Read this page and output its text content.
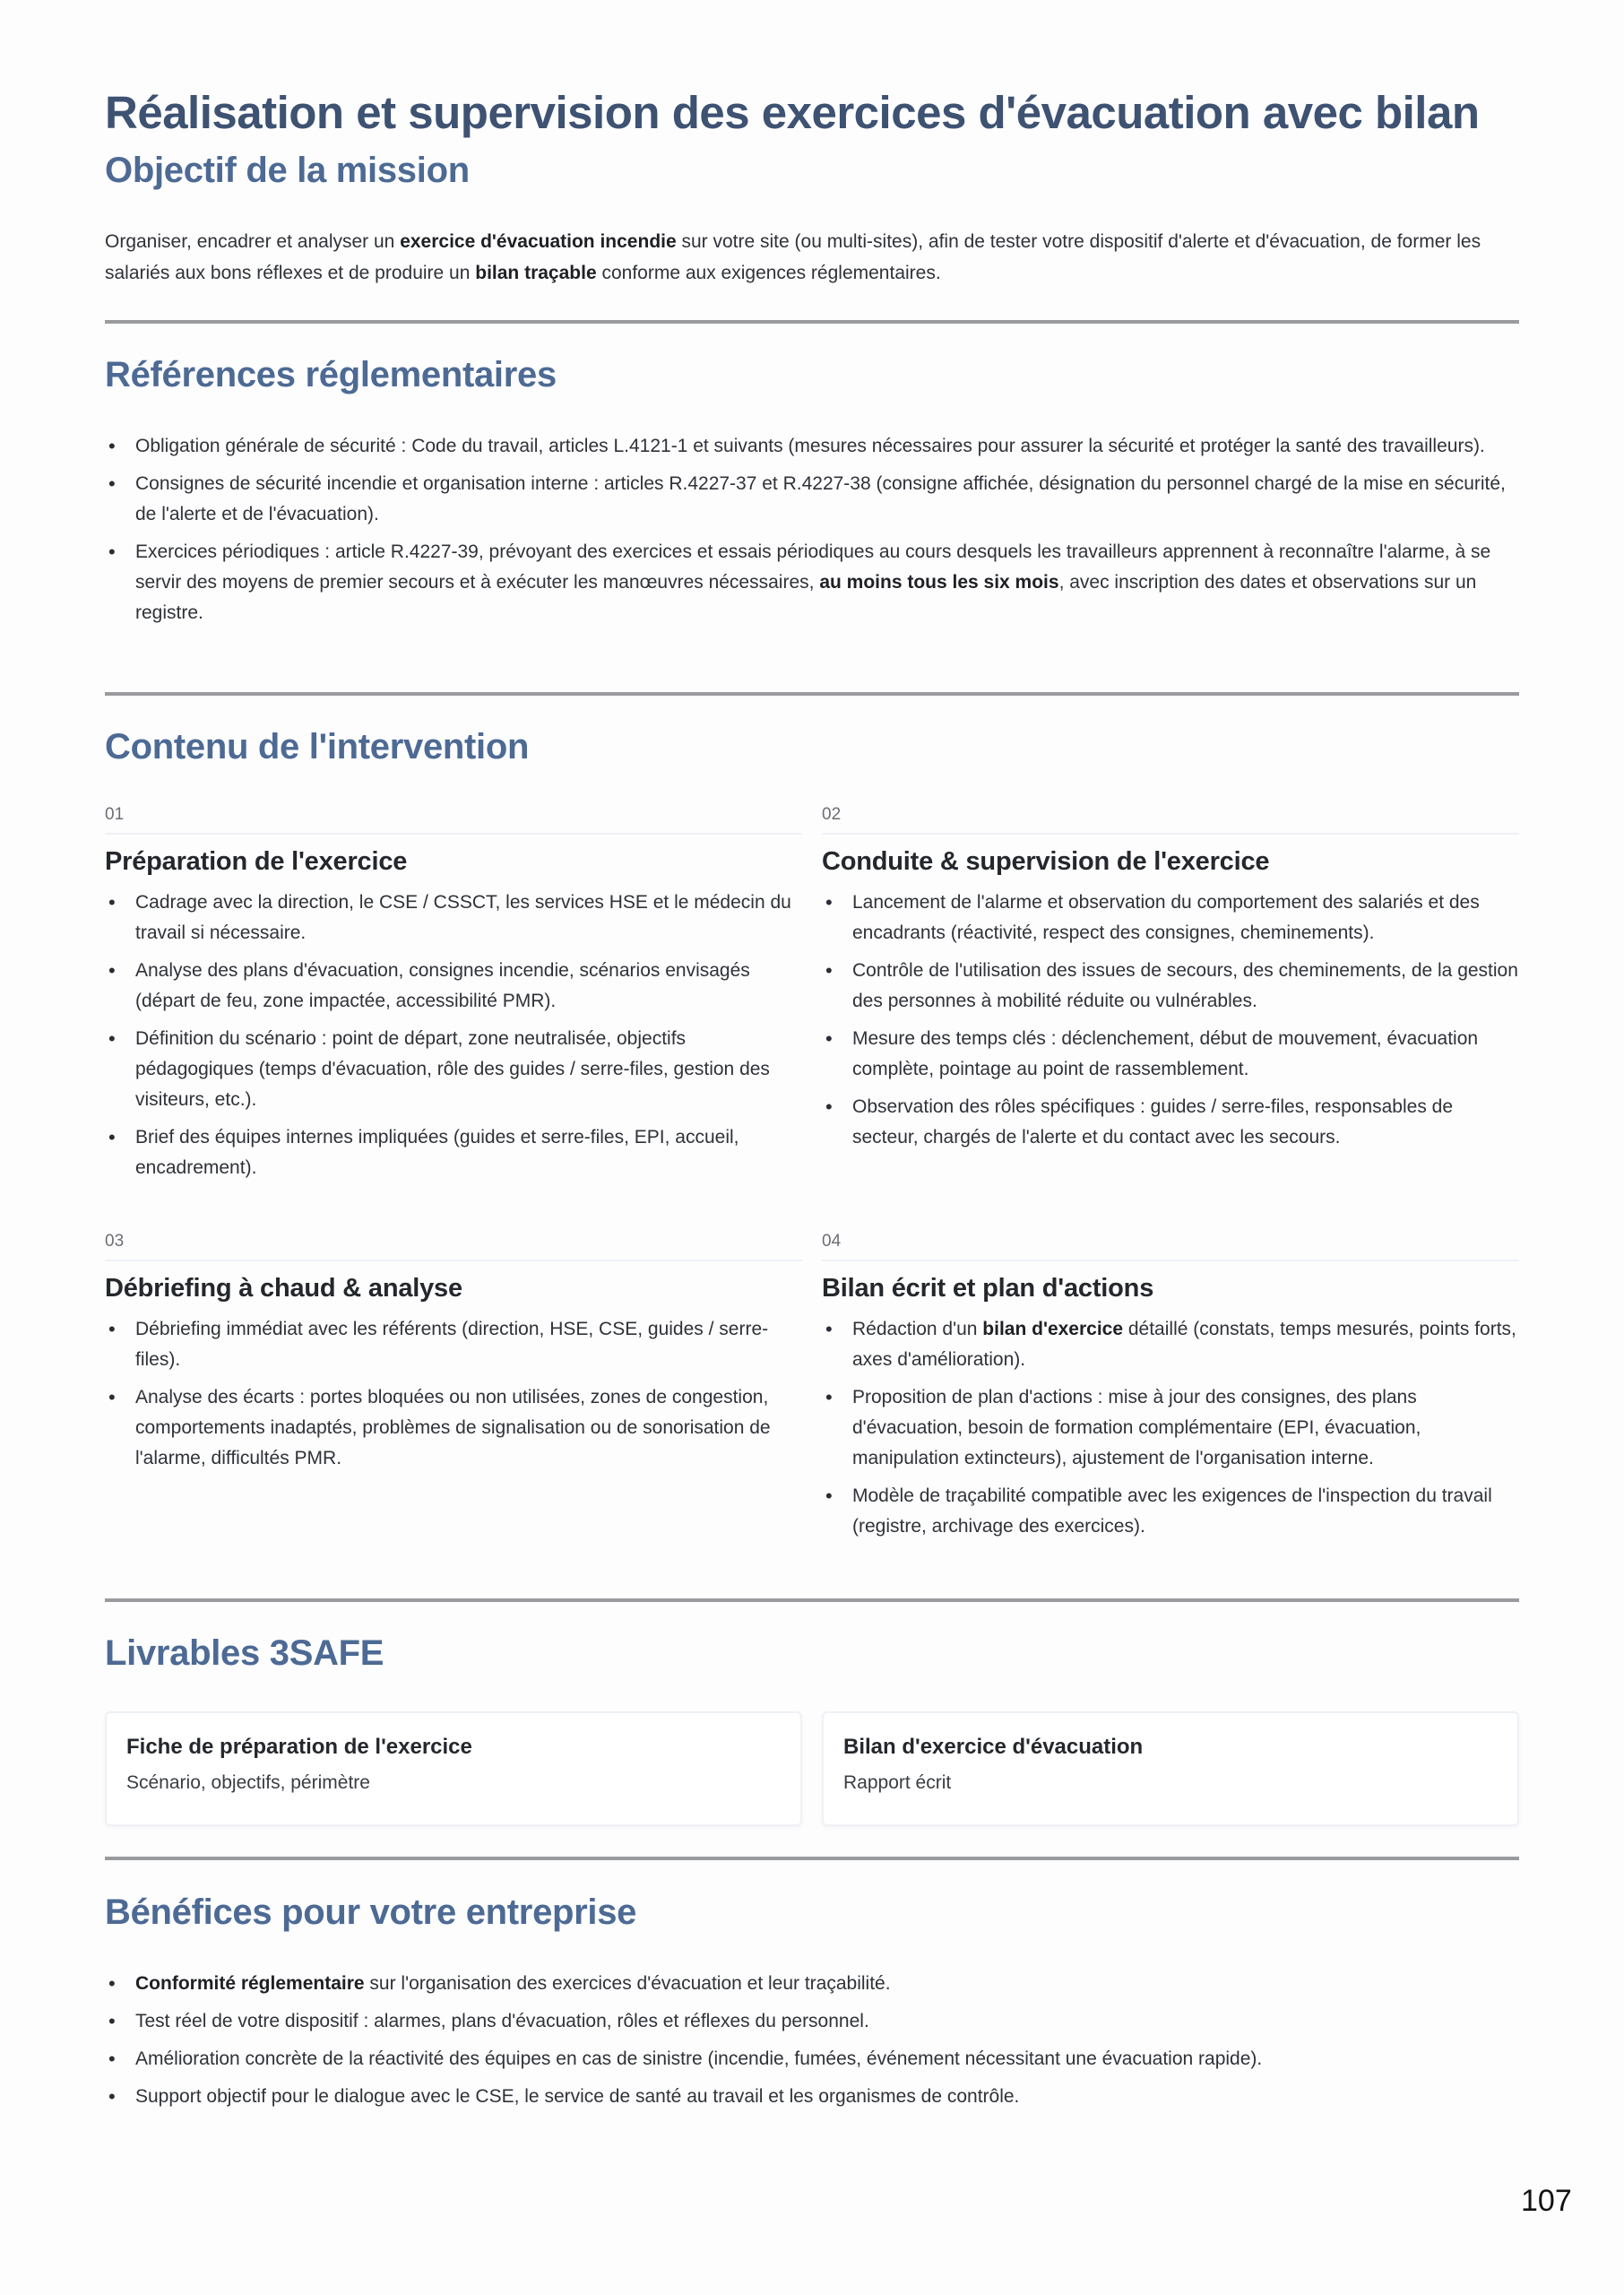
Réalisation et supervision des exercices d'évacuation avec bilan
Objectif de la mission

Organiser, encadrer et analyser un exercice d'évacuation incendie sur votre site (ou multi-sites), afin de tester votre dispositif d'alerte et d'évacuation, de former les salariés aux bons réflexes et de produire un bilan traçable conforme aux exigences réglementaires.

Références réglementaires
• Obligation générale de sécurité : Code du travail, articles L.4121-1 et suivants (mesures nécessaires pour assurer la sécurité et protéger la santé des travailleurs).
• Consignes de sécurité incendie et organisation interne : articles R.4227-37 et R.4227-38 (consigne affichée, désignation du personnel chargé de la mise en sécurité, de l'alerte et de l'évacuation).
• Exercices périodiques : article R.4227-39, prévoyant des exercices et essais périodiques au cours desquels les travailleurs apprennent à reconnaître l'alarme, à se servir des moyens de premier secours et à exécuter les manœuvres nécessaires, au moins tous les six mois, avec inscription des dates et observations sur un registre.
Contenu de l'intervention
01
Préparation de l'exercice
• Cadrage avec la direction, le CSE / CSSCT, les services HSE et le médecin du travail si nécessaire.
• Analyse des plans d'évacuation, consignes incendie, scénarios envisagés (départ de feu, zone impactée, accessibilité PMR).
• Définition du scénario : point de départ, zone neutralisée, objectifs pédagogiques (temps d'évacuation, rôle des guides / serre-files, gestion des visiteurs, etc.).
• Brief des équipes internes impliquées (guides et serre-files, EPI, accueil, encadrement).
02
Conduite & supervision de l'exercice
• Lancement de l'alarme et observation du comportement des salariés et des encadrants (réactivité, respect des consignes, cheminements).
• Contrôle de l'utilisation des issues de secours, des cheminements, de la gestion des personnes à mobilité réduite ou vulnérables.
• Mesure des temps clés : déclenchement, début de mouvement, évacuation complète, pointage au point de rassemblement.
• Observation des rôles spécifiques : guides / serre-files, responsables de secteur, chargés de l'alerte et du contact avec les secours.
03
Débriefing à chaud & analyse
• Débriefing immédiat avec les référents (direction, HSE, CSE, guides / serre-files).
• Analyse des écarts : portes bloquées ou non utilisées, zones de congestion, comportements inadaptés, problèmes de signalisation ou de sonorisation de l'alarme, difficultés PMR.
04
Bilan écrit et plan d'actions
• Rédaction d'un bilan d'exercice détaillé (constats, temps mesurés, points forts, axes d'amélioration).
• Proposition de plan d'actions : mise à jour des consignes, des plans d'évacuation, besoin de formation complémentaire (EPI, évacuation, manipulation extincteurs), ajustement de l'organisation interne.
• Modèle de traçabilité compatible avec les exigences de l'inspection du travail (registre, archivage des exercices).
Livrables 3SAFE
Fiche de préparation de l'exercice
Scénario, objectifs, périmètre
Bilan d'exercice d'évacuation
Rapport écrit
Bénéfices pour votre entreprise
• Conformité réglementaire sur l'organisation des exercices d'évacuation et leur traçabilité.
• Test réel de votre dispositif : alarmes, plans d'évacuation, rôles et réflexes du personnel.
• Amélioration concrète de la réactivité des équipes en cas de sinistre (incendie, fumées, événement nécessitant une évacuation rapide).
• Support objectif pour le dialogue avec le CSE, le service de santé au travail et les organismes de contrôle.
107
